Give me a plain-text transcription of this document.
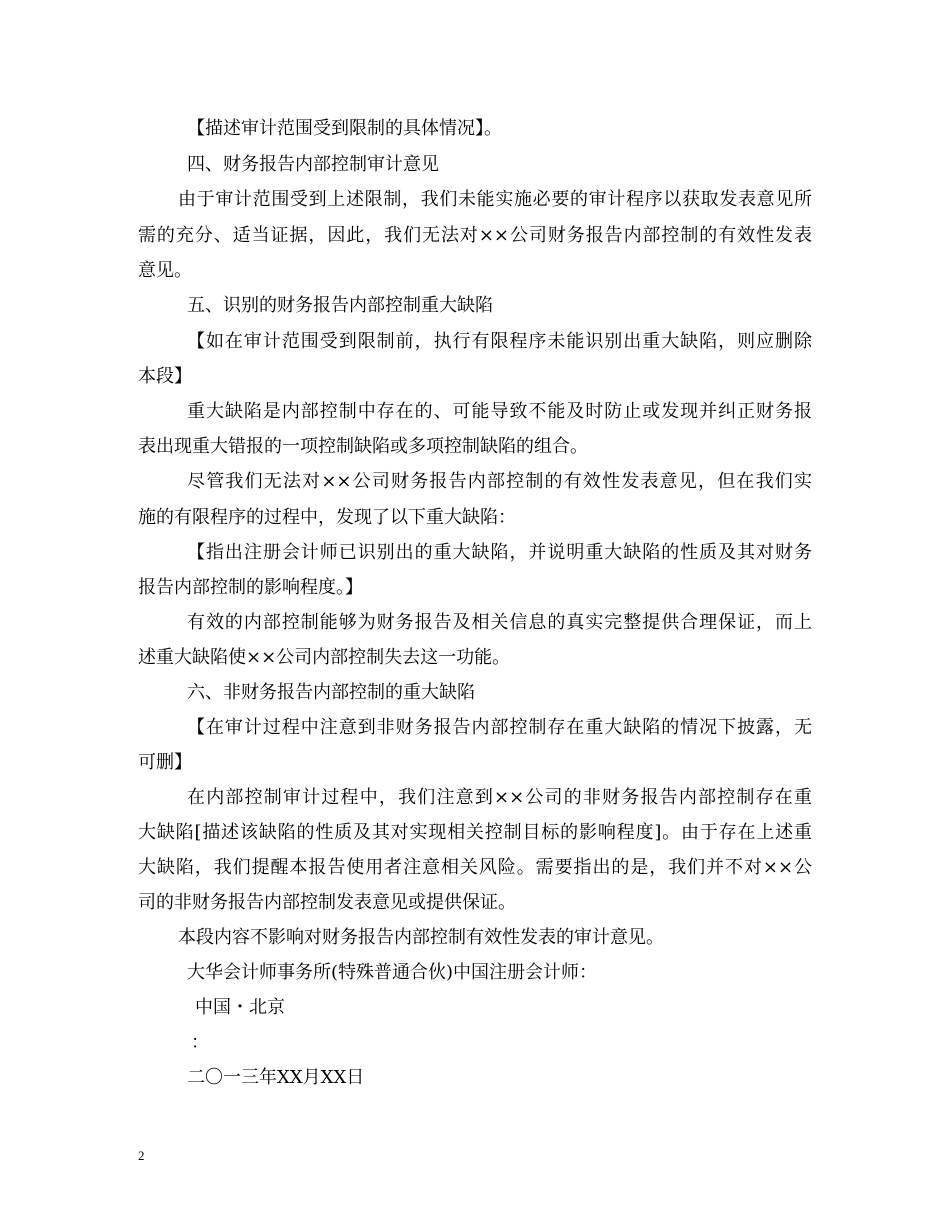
【描述审计范围受到限制的具体情况】。
四、财务报告内部控制审计意见
由于审计范围受到上述限制，我们未能实施必要的审计程序以获取发表意见所
需的充分、适当证据，因此，我们无法对××公司财务报告内部控制的有效性发表
意见。
五、识别的财务报告内部控制重大缺陷
【如在审计范围受到限制前，执行有限程序未能识别出重大缺陷，则应删除
本段】
重大缺陷是内部控制中存在的、可能导致不能及时防止或发现并纠正财务报
表出现重大错报的一项控制缺陷或多项控制缺陷的组合。
尽管我们无法对××公司财务报告内部控制的有效性发表意见，但在我们实
施的有限程序的过程中，发现了以下重大缺陷：
【指出注册会计师已识别出的重大缺陷，并说明重大缺陷的性质及其对财务
报告内部控制的影响程度。】
有效的内部控制能够为财务报告及相关信息的真实完整提供合理保证，而上
述重大缺陷使××公司内部控制失去这一功能。
六、非财务报告内部控制的重大缺陷
【在审计过程中注意到非财务报告内部控制存在重大缺陷的情况下披露，无
可删】
在内部控制审计过程中，我们注意到××公司的非财务报告内部控制存在重
大缺陷[描述该缺陷的性质及其对实现相关控制目标的影响程度]。由于存在上述重
大缺陷，我们提醒本报告使用者注意相关风险。需要指出的是，我们并不对××公
司的非财务报告内部控制发表意见或提供保证。
本段内容不影响对财务报告内部控制有效性发表的审计意见。
大华会计师事务所(特殊普通合伙)中国注册会计师：
中国・北京
：
二〇一三年XX月XX日
2
